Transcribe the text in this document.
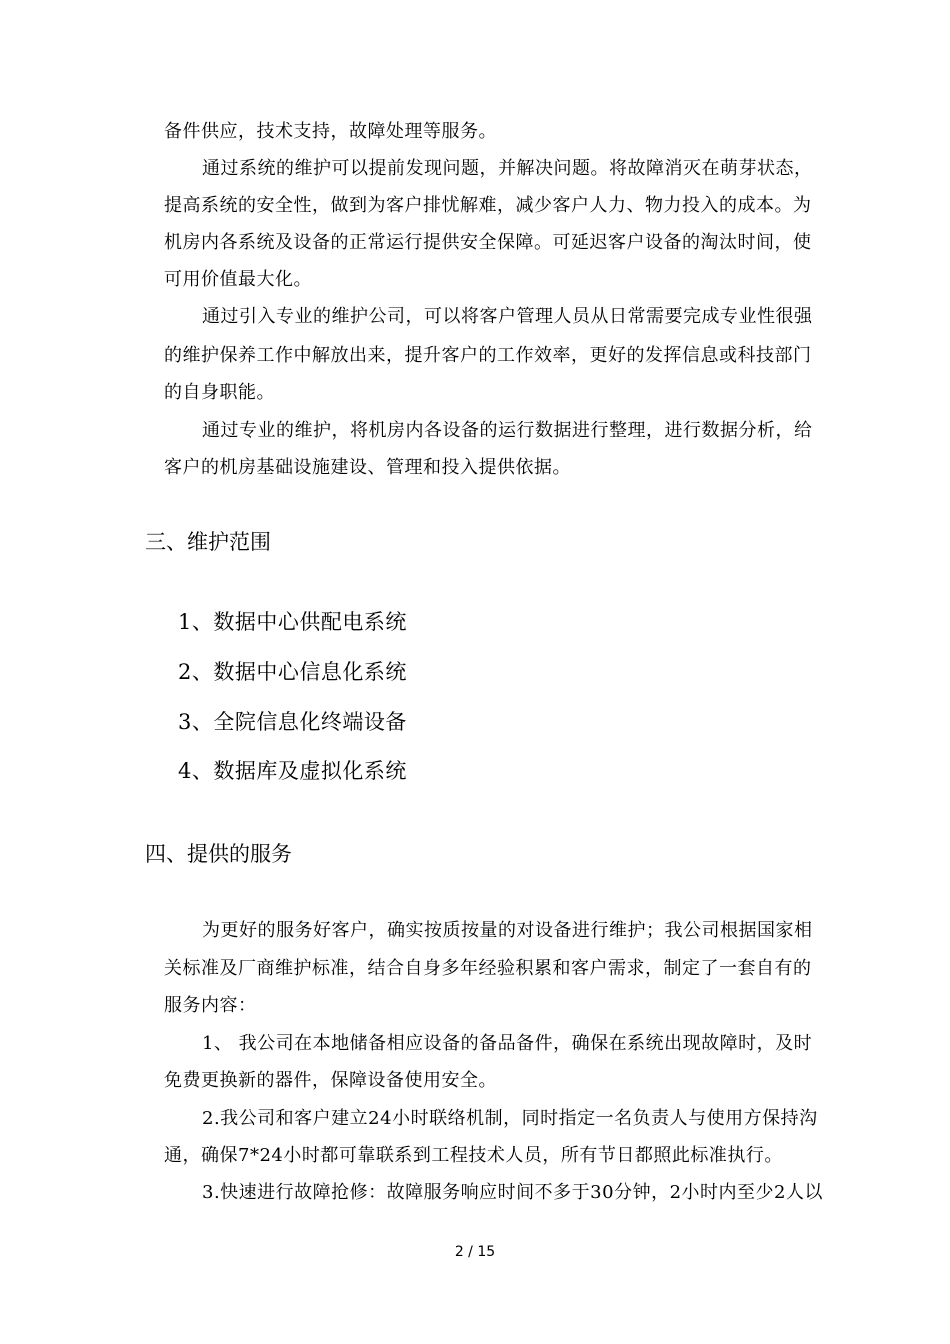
备件供应，技术支持，故障处理等服务。
通过系统的维护可以提前发现问题，并解决问题。将故障消灭在萌芽状态，
提高系统的安全性，做到为客户排忧解难，减少客户人力、物力投入的成本。为
机房内各系统及设备的正常运行提供安全保障。可延迟客户设备的淘汰时间，使
可用价值最大化。
通过引入专业的维护公司，可以将客户管理人员从日常需要完成专业性很强
的维护保养工作中解放出来，提升客户的工作效率，更好的发挥信息或科技部门
的自身职能。
通过专业的维护，将机房内各设备的运行数据进行整理，进行数据分析，给
客户的机房基础设施建设、管理和投入提供依据。
三、维护范围
1、数据中心供配电系统
2、数据中心信息化系统
3、全院信息化终端设备
4、数据库及虚拟化系统
四、提供的服务
为更好的服务好客户，确实按质按量的对设备进行维护；我公司根据国家相
关标准及厂商维护标准，结合自身多年经验积累和客户需求，制定了一套自有的
服务内容：
1、 我公司在本地储备相应设备的备品备件，确保在系统出现故障时，及时
免费更换新的器件，保障设备使用安全。
2.我公司和客户建立24小时联络机制，同时指定一名负责人与使用方保持沟
通，确保7*24小时都可靠联系到工程技术人员，所有节日都照此标准执行。
3.快速进行故障抢修：故障服务响应时间不多于30分钟，2小时内至少2人以
2 / 15
